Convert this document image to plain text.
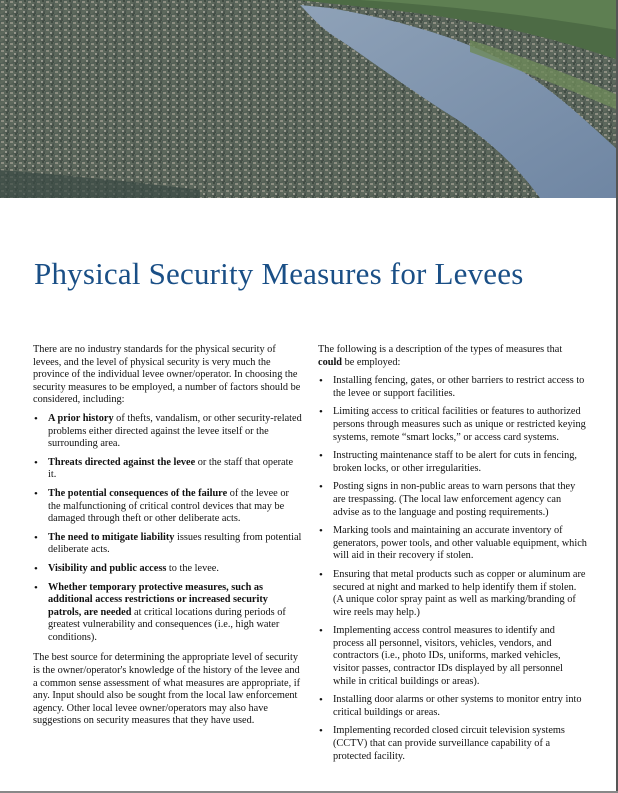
Physical Security Measures for Levees

There are no industry standards for the physical security of levees, and the level of physical security is very much the province of the individual levee owner/operator. In choosing the security measures to be employed, a number of factors should be considered, including:

• A prior history of thefts, vandalism, or other security-related problems either directed against the levee itself or the surrounding area.
• Threats directed against the levee or the staff that operate it.
• The potential consequences of the failure of the levee or the malfunctioning of critical control devices that may be damaged through theft or other deliberate acts.
• The need to mitigate liability issues resulting from potential deliberate acts.
• Visibility and public access to the levee.
• Whether temporary protective measures, such as additional access restrictions or increased security patrols, are needed at critical locations during periods of greatest vulnerability and consequences (i.e., high water conditions).

The best source for determining the appropriate level of security is the owner/operator's knowledge of the history of the levee and a common sense assessment of what measures are appropriate, if any. Input should also be sought from the local law enforcement agency. Other local levee owner/operators may also have suggestions on security measures that they have used.

The following is a description of the types of measures that could be employed:

• Installing fencing, gates, or other barriers to restrict access to the levee or support facilities.
• Limiting access to critical facilities or features to authorized persons through measures such as unique or restricted keying systems, remote “smart locks,” or access card systems.
• Instructing maintenance staff to be alert for cuts in fencing, broken locks, or other irregularities.
• Posting signs in non-public areas to warn persons that they are trespassing. (The local law enforcement agency can advise as to the language and posting requirements.)
• Marking tools and maintaining an accurate inventory of generators, power tools, and other valuable equipment, which will aid in their recovery if stolen.
• Ensuring that metal products such as copper or aluminum are secured at night and marked to help identify them if stolen. (A unique color spray paint as well as marking/branding of wire reels may help.)
• Implementing access control measures to identify and process all personnel, visitors, vehicles, vendors, and contractors (i.e., photo IDs, uniforms, marked vehicles, visitor passes, contractor IDs displayed by all personnel while in critical buildings or areas).
• Installing door alarms or other systems to monitor entry into critical buildings or areas.
• Implementing recorded closed circuit television systems (CCTV) that can provide surveillance capability of a protected facility.
